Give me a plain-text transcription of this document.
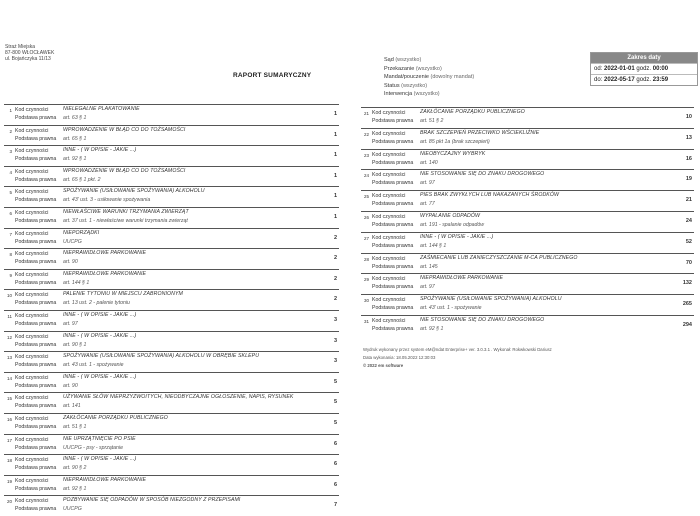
Straż Miejska
87-800 WŁOCŁAWEK
ul. Bojańczyka 11/13
RAPORT SUMARYCZNY
Sąd (wszystko)
Przekazanie (wszystko)
Mandat/pouczenie (dowolny mandat)
Status (wszystko)
Interwencja (wszystko)
Zakres daty
od: 2022-01-01 godz. 00:00
do: 2022-05-17 godz. 23:59
1 Kod czynności
Podstawa prawna
NIELEGALNE PLAKATOWANIE
art. 63 § 1
1
2 Kod czynności
Podstawa prawna
WPROWADZENIE W BŁĄD CO DO TOŻSAMOŚCI
art. 65 § 1
1
3 Kod czynności
Podstawa prawna
INNE - ( W OPISIE - JAKIE ...)
art. 92 § 1
1
4 Kod czynności
Podstawa prawna
WPROWADZENIE W BŁĄD CO DO TOŻSAMOŚCI
art. 65 § 1 pkt. 2
1
5 Kod czynności
Podstawa prawna
SPOŻYWANIE (USIŁOWANIE SPOŻYWANIA) ALKOHOLU
art. 43' ust. 3 - usiłowanie spożywania
1
6 Kod czynności
Podstawa prawna
NIEWŁAŚCIWE WARUNKI TRZYMANIA ZWIERZĄT
art. 37 ust. 1 - niewłaściwe warunki trzymania zwierząt
1
7 Kod czynności
Podstawa prawna
NIEPORZĄDKI
UUCPG
2
8 Kod czynności
Podstawa prawna
NIEPRAWIDŁOWE PARKOWANIE
art. 90
2
9 Kod czynności
Podstawa prawna
NIEPRAWIDŁOWE PARKOWANIE
art. 144 § 1
2
10 Kod czynności
Podstawa prawna
PALENIE TYTONIU W MIEJSCU ZABRONIONYM
art. 13 ust. 2 - palenie tytoniu
2
11 Kod czynności
Podstawa prawna
INNE - ( W OPISIE - JAKIE ...)
art. 97
3
12 Kod czynności
Podstawa prawna
INNE - ( W OPISIE - JAKIE ...)
art. 90 § 1
3
13 Kod czynności
Podstawa prawna
SPOŻYWANIE (USIŁOWANIE SPOŻYWANIA) ALKOHOLU W OBRĘBIE SKLEPU
art. 43 ust. 1 - spożywanie
3
14 Kod czynności
Podstawa prawna
INNE - ( W OPISIE - JAKIE ...)
art. 90
5
15 Kod czynności
Podstawa prawna
UŻYWANIE SŁÓW NIEPRZYZWOITYCH, NIEODBYCZAJNE OGŁOSZENIE, NAPIS, RYSUNEK
art. 141
5
16 Kod czynności
Podstawa prawna
ZAKŁÓCANIE PORZĄDKU PUBLICZNEGO
art. 51 § 1
5
17 Kod czynności
Podstawa prawna
NIE UPRZĄTNIĘCIE PO PSIE
UUCPG - psy - sprzątanie
6
18 Kod czynności
Podstawa prawna
INNE - ( W OPISIE - JAKIE ...)
art. 90 § 2
6
19 Kod czynności
Podstawa prawna
NIEPRAWIDŁOWE PARKOWANIE
art. 92 § 1
6
20 Kod czynności
Podstawa prawna
POZBYWANIE SIĘ ODPADÓW W SPOSÓB NIEZGODNY Z PRZEPISAMI
UUCPG
7
21 Kod czynności
Podstawa prawna
ZAKŁÓCANIE PORZĄDKU PUBLICZNEGO
art. 51 § 2
10
22 Kod czynności
Podstawa prawna
BRAK SZCZEPIEŃ PRZECIWKO WŚCIEKLIŹNIE
art. 85 pkt 1a (brak szczepień)
13
23 Kod czynności
Podstawa prawna
NIEOBYCZAJNY WYBRYK
art. 140
16
24 Kod czynności
Podstawa prawna
NIE STOSOWANIE SIĘ DO ZNAKU DROGOWEGO
art. 97
19
25 Kod czynności
Podstawa prawna
PIES BRAK ZWYKŁYCH LUB NAKAZANYCH ŚRODKÓW
art. 77
21
26 Kod czynności
Podstawa prawna
WYPALANIE ODPADÓW
art. 191 - spalanie odpadów
24
27 Kod czynności
Podstawa prawna
INNE - ( W OPISIE - JAKIE ...)
art. 144 § 1
52
28 Kod czynności
Podstawa prawna
ZAŚMIECANIE LUB ZANIECZYSZCZANIE M-CA PUBLICZNEGO
art. 145
70
29 Kod czynności
Podstawa prawna
NIEPRAWIDŁOWE PARKOWANIE
art. 97
132
30 Kod czynności
Podstawa prawna
SPOŻYWANIE (USIŁOWANIE SPOŻYWANIA) ALKOHOLU
art. 43' ust. 1 - spożywanie
265
31 Kod czynności
Podstawa prawna
NIE STOSOWANIE SIĘ DO ZNAKU DROGOWEGO
art. 92 § 1
294
Wydruk wykonany przez system eM@ndat Enterprise+ ver. 3.0.3.1 . Wykonał: Rokwkowski Dariusz
Data wykonania: 18.05.2022 12:30:03
© 2022 em software
